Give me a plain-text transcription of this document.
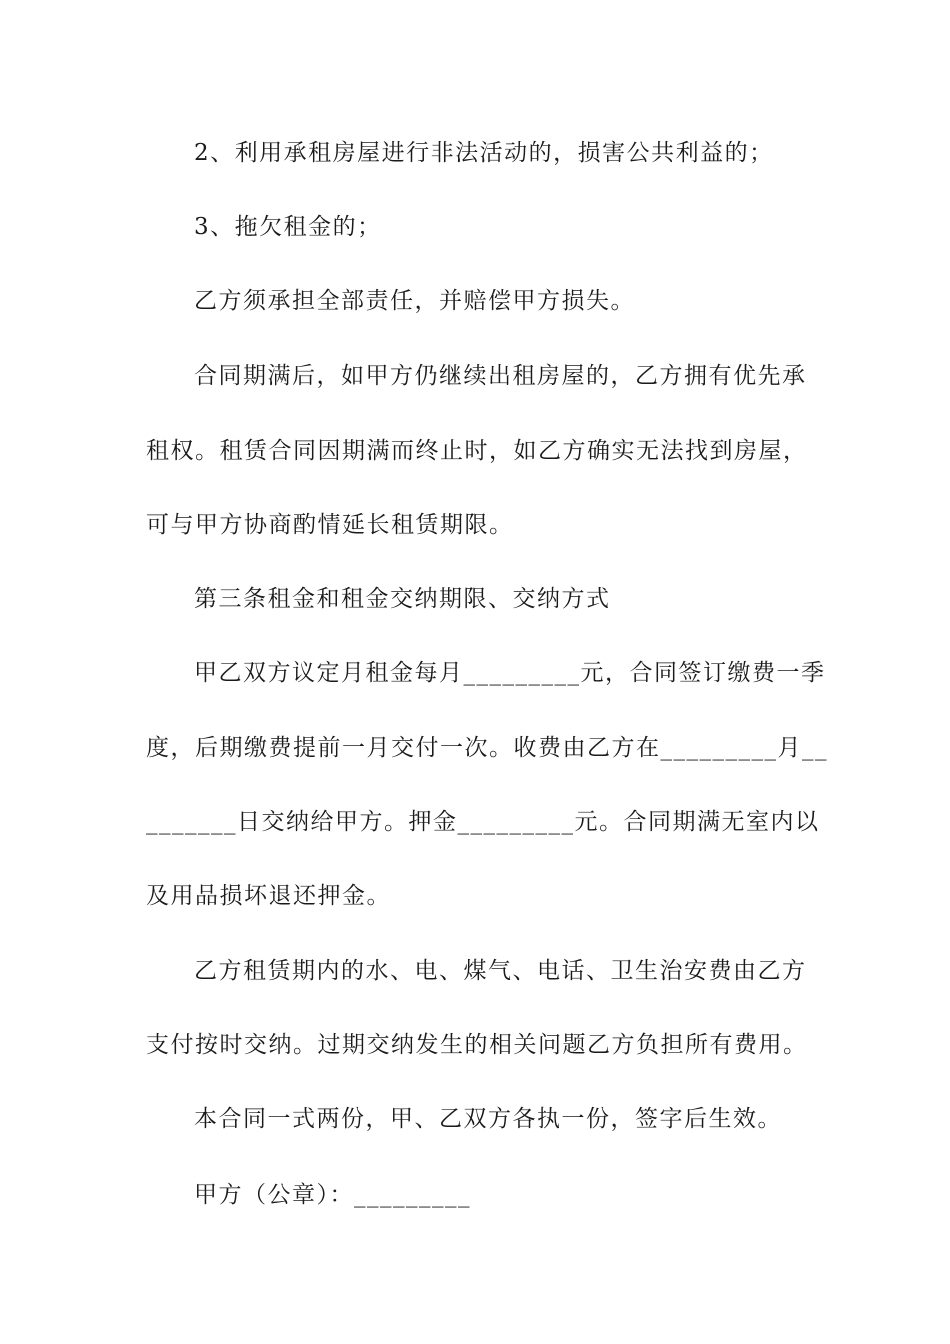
2、利用承租房屋进行非法活动的，损害公共利益的；
3、拖欠租金的；
乙方须承担全部责任，并赔偿甲方损失。
合同期满后，如甲方仍继续出租房屋的，乙方拥有优先承
租权。租赁合同因期满而终止时，如乙方确实无法找到房屋，
可与甲方协商酌情延长租赁期限。
第三条租金和租金交纳期限、交纳方式
甲乙双方议定月租金每月_________元，合同签订缴费一季
度，后期缴费提前一月交付一次。收费由乙方在_________月__
_______日交纳给甲方。押金_________元。合同期满无室内以
及用品损坏退还押金。
乙方租赁期内的水、电、煤气、电话、卫生治安费由乙方
支付按时交纳。过期交纳发生的相关问题乙方负担所有费用。
本合同一式两份，甲、乙双方各执一份，签字后生效。
甲方（公章）：_________
